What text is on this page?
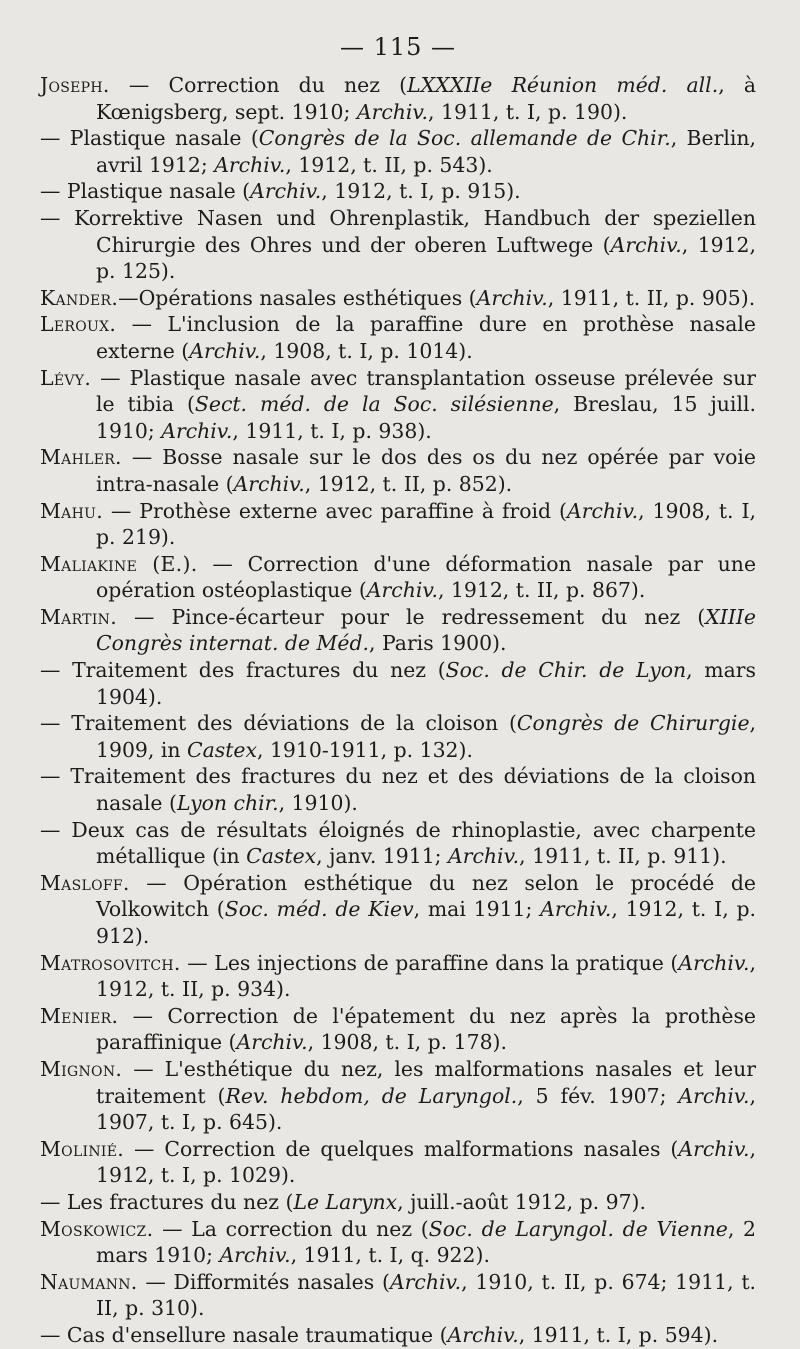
— 115 —

Joseph. — Correction du nez (LXXXIIe Réunion méd. all., à Kœnigsberg, sept. 1910; Archiv., 1911, t. I, p. 190).

— Plastique nasale (Congrès de la Soc. allemande de Chir., Berlin, avril 1912; Archiv., 1912, t. II, p. 543).

— Plastique nasale (Archiv., 1912, t. I, p. 915).

— Korrektive Nasen und Ohrenplastik, Handbuch der speziellen Chirurgie des Ohres und der oberen Luftwege (Archiv., 1912, p. 125).

Kander.—Opérations nasales esthétiques (Archiv., 1911, t. II, p. 905).

Leroux. — L'inclusion de la paraffine dure en prothèse nasale externe (Archiv., 1908, t. I, p. 1014).

Lévy. — Plastique nasale avec transplantation osseuse prélevée sur le tibia (Sect. méd. de la Soc. silésienne, Breslau, 15 juill. 1910; Archiv., 1911, t. I, p. 938).

Mahler. — Bosse nasale sur le dos des os du nez opérée par voie intra-nasale (Archiv., 1912, t. II, p. 852).

Mahu. — Prothèse externe avec paraffine à froid (Archiv., 1908, t. I, p. 219).

Maliakine (E.). — Correction d'une déformation nasale par une opération ostéoplastique (Archiv., 1912, t. II, p. 867).

Martin. — Pince-écarteur pour le redressement du nez (XIIIe Congrès internat. de Méd., Paris 1900).

— Traitement des fractures du nez (Soc. de Chir. de Lyon, mars 1904).

— Traitement des déviations de la cloison (Congrès de Chirurgie, 1909, in Castex, 1910-1911, p. 132).

— Traitement des fractures du nez et des déviations de la cloison nasale (Lyon chir., 1910).

— Deux cas de résultats éloignés de rhinoplastie, avec charpente métallique (in Castex, janv. 1911; Archiv., 1911, t. II, p. 911).

Masloff. — Opération esthétique du nez selon le procédé de Volkowitch (Soc. méd. de Kiev, mai 1911; Archiv., 1912, t. I, p. 912).

Matrosovitch. — Les injections de paraffine dans la pratique (Archiv., 1912, t. II, p. 934).

Menier. — Correction de l'épatement du nez après la prothèse paraffinique (Archiv., 1908, t. I, p. 178).

Mignon. — L'esthétique du nez, les malformations nasales et leur traitement (Rev. hebdom, de Laryngol., 5 fév. 1907; Archiv., 1907, t. I, p. 645).

Molinié. — Correction de quelques malformations nasales (Archiv., 1912, t. I, p. 1029).

— Les fractures du nez (Le Larynx, juill.-août 1912, p. 97).

Moskowicz. — La correction du nez (Soc. de Laryngol. de Vienne, 2 mars 1910; Archiv., 1911, t. I, q. 922).

Naumann. — Difformités nasales (Archiv., 1910, t. II, p. 674; 1911, t. II, p. 310).

— Cas d'ensellure nasale traumatique (Archiv., 1911, t. I, p. 594).
